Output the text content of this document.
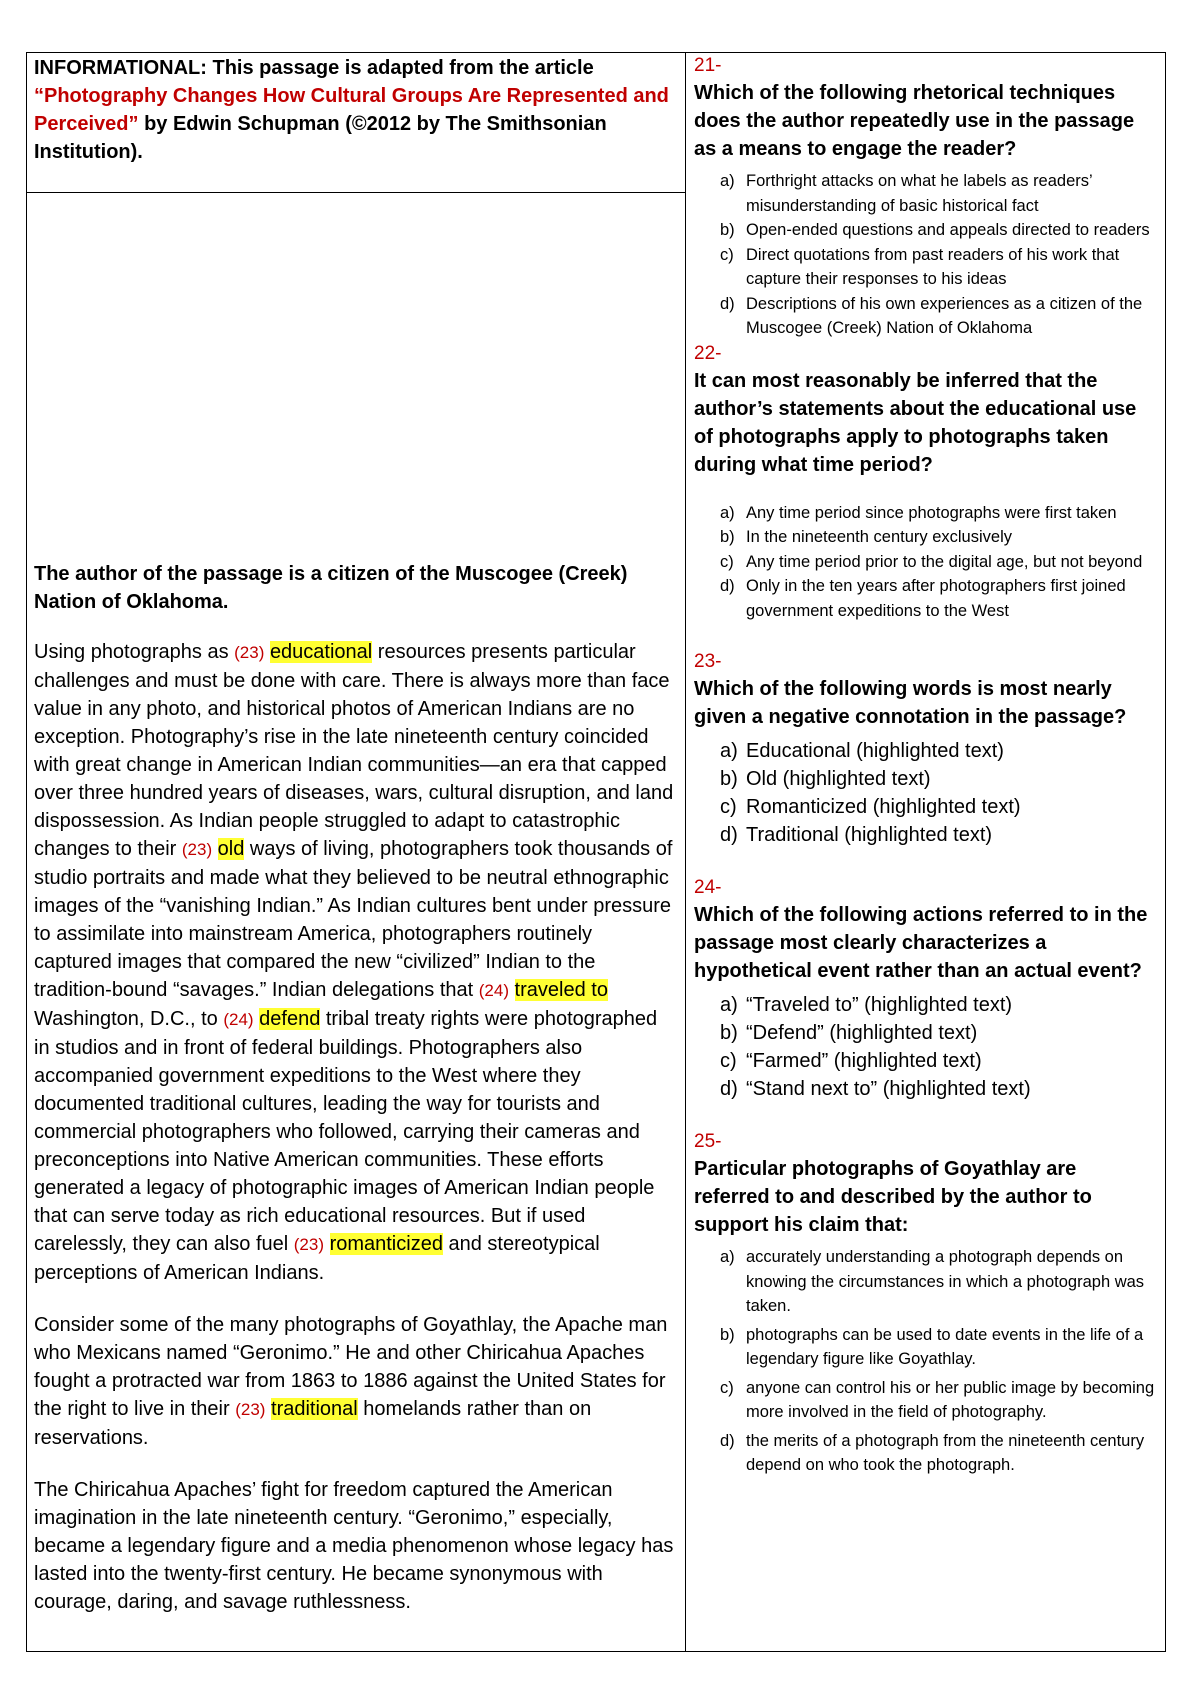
INFORMATIONAL: This passage is adapted from the article “Photography Changes How Cultural Groups Are Represented and Perceived” by Edwin Schupman (©2012 by The Smithsonian Institution).
The author of the passage is a citizen of the Muscogee (Creek) Nation of Oklahoma.

Using photographs as (23) educational resources presents particular challenges and must be done with care. There is always more than face value in any photo, and historical photos of American Indians are no exception. Photography’s rise in the late nineteenth century coincided with great change in American Indian communities—an era that capped over three hundred years of diseases, wars, cultural disruption, and land dispossession. As Indian people struggled to adapt to catastrophic changes to their (23) old ways of living, photographers took thousands of studio portraits and made what they believed to be neutral ethnographic images of the “vanishing Indian.” As Indian cultures bent under pressure to assimilate into mainstream America, photographers routinely captured images that compared the new “civilized” Indian to the tradition-bound “savages.” Indian delegations that (24) traveled to Washington, D.C., to (24) defend tribal treaty rights were photographed in studios and in front of federal buildings. Photographers also accompanied government expeditions to the West where they documented traditional cultures, leading the way for tourists and commercial photographers who followed, carrying their cameras and preconceptions into Native American communities. These efforts generated a legacy of photographic images of American Indian people that can serve today as rich educational resources. But if used carelessly, they can also fuel (23) romanticized and stereotypical perceptions of American Indians.

Consider some of the many photographs of Goyathlay, the Apache man who Mexicans named “Geronimo.” He and other Chiricahua Apaches fought a protracted war from 1863 to 1886 against the United States for the right to live in their (23) traditional homelands rather than on reservations.

The Chiricahua Apaches’ fight for freedom captured the American imagination in the late nineteenth century. “Geronimo,” especially, became a legendary figure and a media phenomenon whose legacy has lasted into the twenty-first century. He became synonymous with courage, daring, and savage ruthlessness.

21-
Which of the following rhetorical techniques does the author repeatedly use in the passage as a means to engage the reader?
a) Forthright attacks on what he labels as readers’ misunderstanding of basic historical fact
b) Open-ended questions and appeals directed to readers
c) Direct quotations from past readers of his work that capture their responses to his ideas
d) Descriptions of his own experiences as a citizen of the Muscogee (Creek) Nation of Oklahoma
22-
It can most reasonably be inferred that the author’s statements about the educational use of photographs apply to photographs taken during what time period?
a) Any time period since photographs were first taken
b) In the nineteenth century exclusively
c) Any time period prior to the digital age, but not beyond
d) Only in the ten years after photographers first joined government expeditions to the West
23-
Which of the following words is most nearly given a negative connotation in the passage?
a) Educational (highlighted text)
b) Old (highlighted text)
c) Romanticized (highlighted text)
d) Traditional (highlighted text)
24-
Which of the following actions referred to in the passage most clearly characterizes a hypothetical event rather than an actual event?
a) “Traveled to” (highlighted text)
b) “Defend” (highlighted text)
c) “Farmed” (highlighted text)
d) “Stand next to” (highlighted text)
25-
Particular photographs of Goyathlay are referred to and described by the author to support his claim that:
a) accurately understanding a photograph depends on knowing the circumstances in which a photograph was taken.
b) photographs can be used to date events in the life of a legendary figure like Goyathlay.
c) anyone can control his or her public image by becoming more involved in the field of photography.
d) the merits of a photograph from the nineteenth century depend on who took the photograph.
